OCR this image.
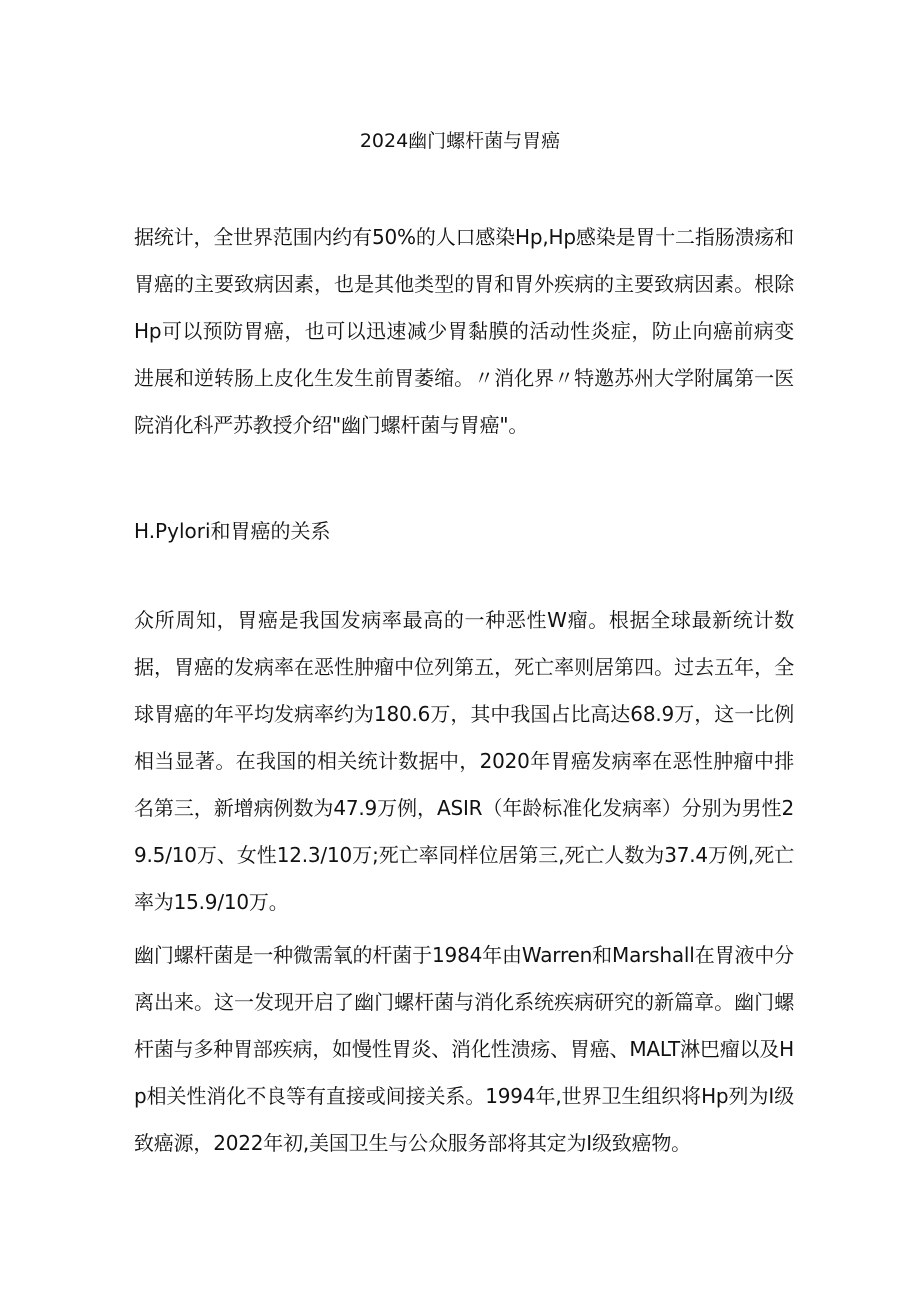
2024幽门螺杆菌与胃癌

据统计，全世界范围内约有50%的人口感染Hp,Hp感染是胃十二指肠溃疡和胃癌的主要致病因素，也是其他类型的胃和胃外疾病的主要致病因素。根除Hp可以预防胃癌，也可以迅速减少胃黏膜的活动性炎症，防止向癌前病变进展和逆转肠上皮化生发生前胃萎缩。〃消化界〃特邀苏州大学附属第一医院消化科严苏教授介绍"幽门螺杆菌与胃癌"。

H.Pylori和胃癌的关系

众所周知，胃癌是我国发病率最高的一种恶性W瘤。根据全球最新统计数据，胃癌的发病率在恶性肿瘤中位列第五，死亡率则居第四。过去五年，全球胃癌的年平均发病率约为180.6万，其中我国占比高达68.9万，这一比例相当显著。在我国的相关统计数据中，2020年胃癌发病率在恶性肿瘤中排名第三，新增病例数为47.9万例，ASIR（年龄标准化发病率）分别为男性29.5/10万、女性12.3/10万;死亡率同样位居第三,死亡人数为37.4万例,死亡率为15.9/10万。

幽门螺杆菌是一种微需氧的杆菌于1984年由Warren和Marshall在胃液中分离出来。这一发现开启了幽门螺杆菌与消化系统疾病研究的新篇章。幽门螺杆菌与多种胃部疾病，如慢性胃炎、消化性溃疡、胃癌、MALT淋巴瘤以及Hp相关性消化不良等有直接或间接关系。1994年,世界卫生组织将Hp列为I级致癌源，2022年初,美国卫生与公众服务部将其定为I级致癌物。
